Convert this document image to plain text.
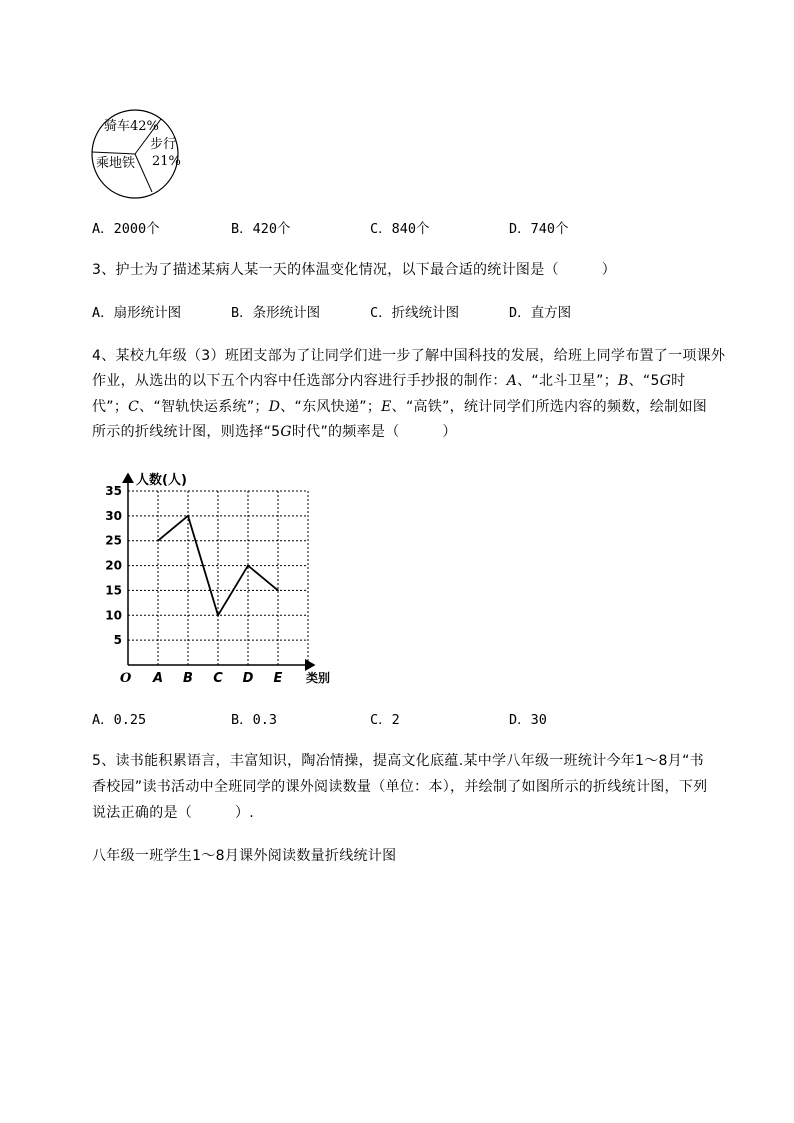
骑车42%
步行
21%
乘地铁
A．2000个	B．420个	C．840个	D．740个
3、护士为了描述某病人某一天的体温变化情况，以下最合适的统计图是（　　　）
A．扇形统计图	B．条形统计图	C．折线统计图	D．直方图
4、某校九年级（3）班团支部为了让同学们进一步了解中国科技的发展，给班上同学布置了一项课外
作业，从选出的以下五个内容中任选部分内容进行手抄报的制作：A、“北斗卫星”；B、“5G时
代”；C、“智轨快运系统”；D、“东风快递”；E、“高铁”，统计同学们所选内容的频数，绘制如图
所示的折线统计图，则选择“5G时代”的频率是（　　　）
5
10
15
20
25
30
35
A B C D E
人数(人)
类别
O
A．0.25	B．0.3	C．2	D．30
5、读书能积累语言，丰富知识，陶冶情操，提高文化底蕴.某中学八年级一班统计今年1～8月“书
香校园”读书活动中全班同学的课外阅读数量（单位：本），并绘制了如图所示的折线统计图，下列
说法正确的是（　　　）.
八年级一班学生1～8月课外阅读数量折线统计图
